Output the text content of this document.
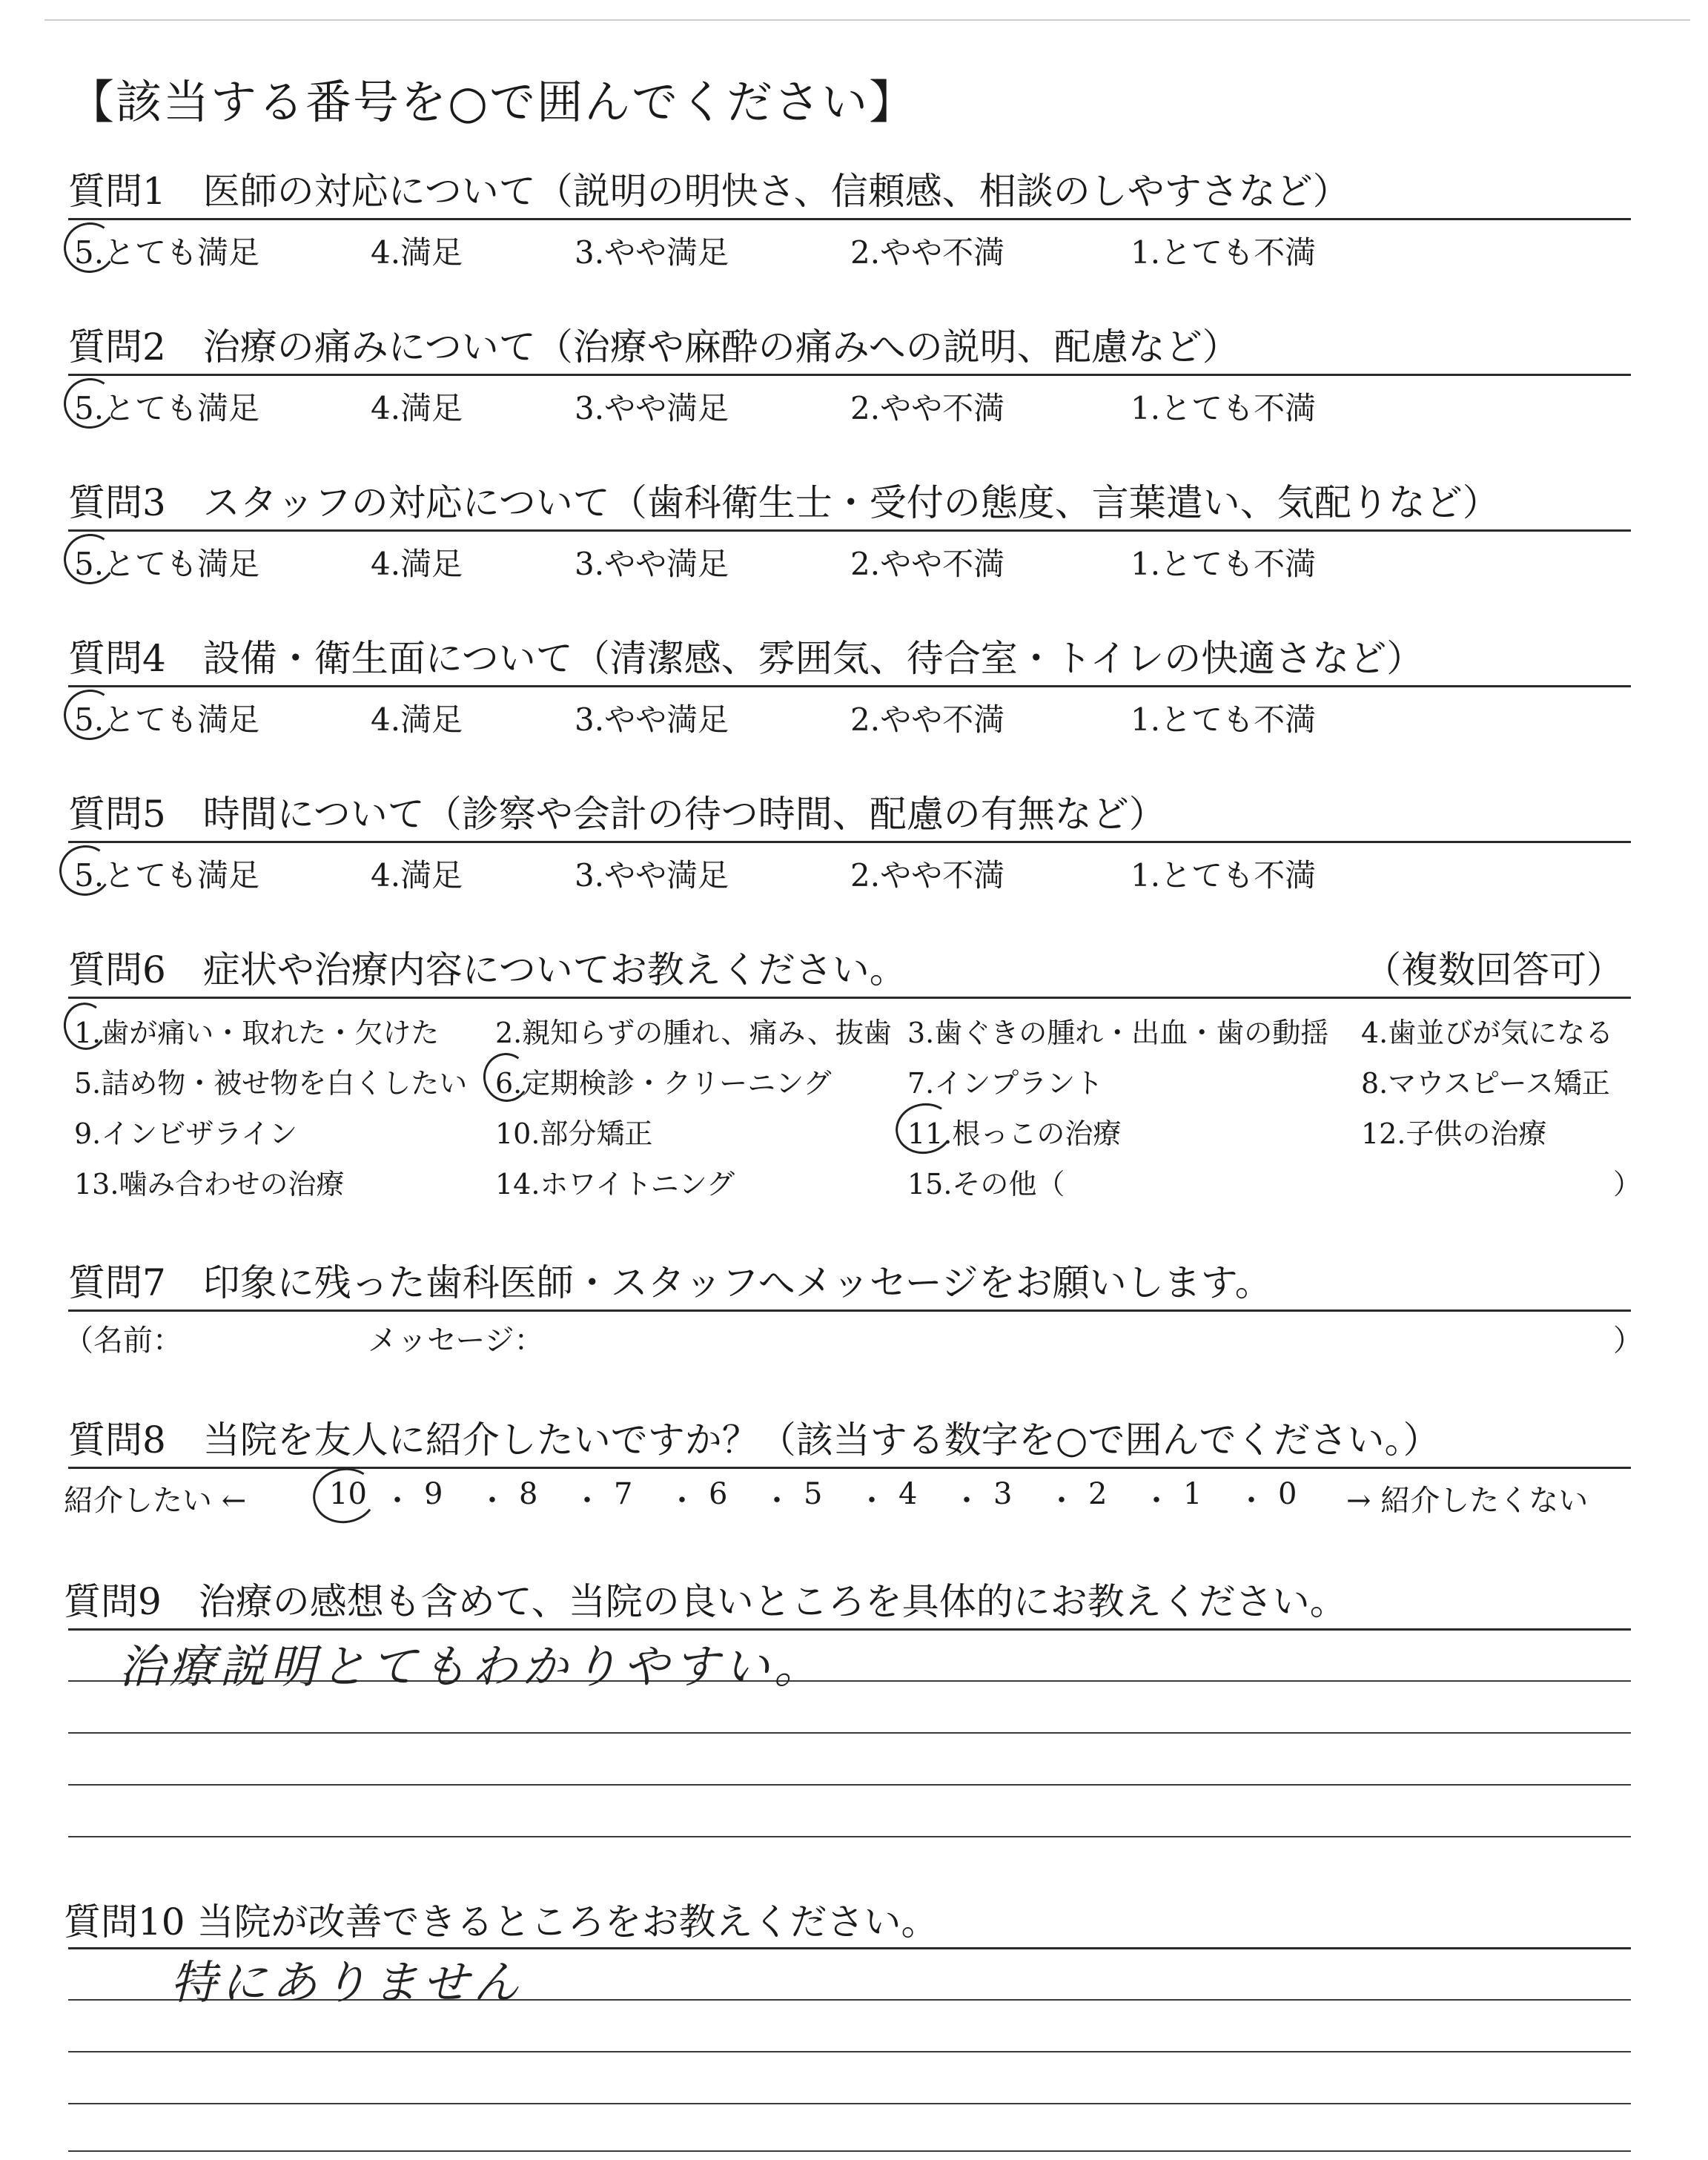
【該当する番号を○で囲んでください】
質問1　医師の対応について（説明の明快さ、信頼感、相談のしやすさなど）
5.とても満足	4.満足	3.やや満足	2.やや不満	1.とても不満
質問2　治療の痛みについて（治療や麻酔の痛みへの説明、配慮など）
5.とても満足	4.満足	3.やや満足	2.やや不満	1.とても不満
質問3　スタッフの対応について（歯科衛生士・受付の態度、言葉遣い、気配りなど）
5.とても満足	4.満足	3.やや満足	2.やや不満	1.とても不満
質問4　設備・衛生面について（清潔感、雰囲気、待合室・トイレの快適さなど）
5.とても満足	4.満足	3.やや満足	2.やや不満	1.とても不満
質問5　時間について（診察や会計の待つ時間、配慮の有無など）
5.とても満足	4.満足	3.やや満足	2.やや不満	1.とても不満
質問6　症状や治療内容についてお教えください。	（複数回答可）
1.歯が痛い・取れた・欠けた 2.親知らずの腫れ、痛み、抜歯 3.歯ぐきの腫れ・出血・歯の動揺 4.歯並びが気になる
5.詰め物・被せ物を白くしたい 6.定期検診・クリーニング	7.インプラント	8.マウスピース矯正
9.インビザライン	10.部分矯正	11.根っこの治療	12.子供の治療
13.噛み合わせの治療	14.ホワイトニング	15.その他（	）
質問7　印象に残った歯科医師・スタッフへメッセージをお願いします。
（名前：	メッセージ：	）
質問8　当院を友人に紹介したいですか？（該当する数字を○で囲んでください。）
紹介したい ←	10 ・ 9 ・ 8 ・ 7 ・ 6 ・ 5 ・ 4 ・ 3 ・ 2 ・ 1 ・ 0 → 紹介したくない
質問9　治療の感想も含めて、当院の良いところを具体的にお教えください。
治療説明とてもわかりやすい。
質問10 当院が改善できるところをお教えください。
特にありません
